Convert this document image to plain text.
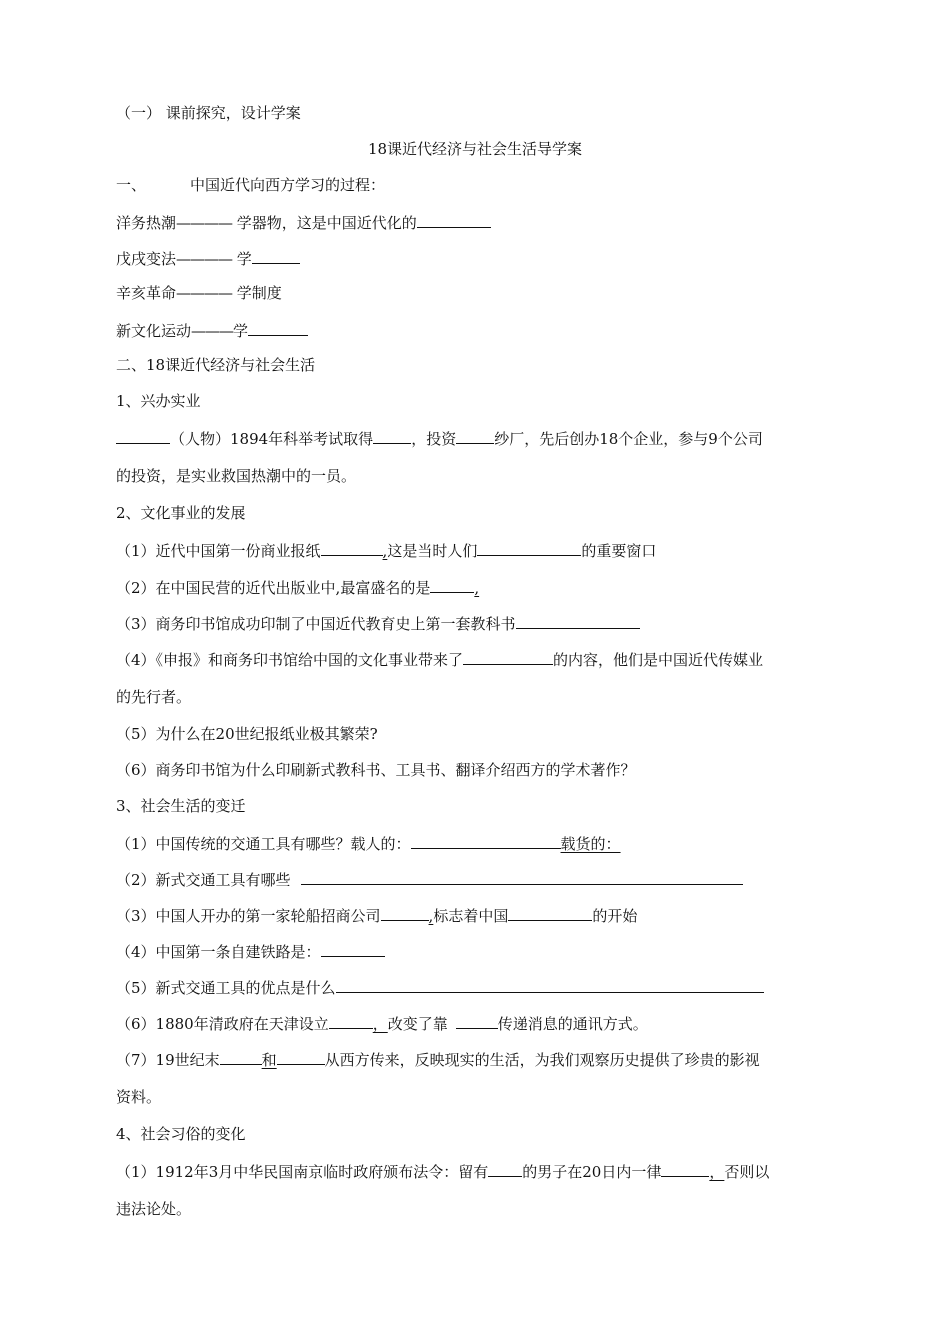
（一） 课前探究，设计学案
18课近代经济与社会生活导学案
一、	中国近代向西方学习的过程：
洋务热潮———— 学器物，这是中国近代化的
戊戌变法———— 学
辛亥革命———— 学制度
新文化运动———学
二、18课近代经济与社会生活
1、兴办实业
（人物）1894年科举考试取得	，投资	纱厂，先后创办18个企业，参与9个公司
的投资，是实业救国热潮中的一员。
2、文化事业的发展
（1）近代中国第一份商业报纸	,这是当时人们	的重要窗口
（2）在中国民营的近代出版业中,最富盛名的是	,
（3）商务印书馆成功印制了中国近代教育史上第一套教科书
（4）《申报》和商务印书馆给中国的文化事业带来了	的内容，他们是中国近代传媒业
的先行者。
（5）为什么在20世纪报纸业极其繁荣?
（6）商务印书馆为什么印刷新式教科书、工具书、翻译介绍西方的学术著作？
3、社会生活的变迁
（1）中国传统的交通工具有哪些？载人的：	载货的：
（2）新式交通工具有哪些
（3）中国人开办的第一家轮船招商公司	,标志着中国	的开始
（4）中国第一条自建铁路是：
（5）新式交通工具的优点是什么
（6）1880年清政府在天津设立	，改变了靠	传递消息的通讯方式。
（7）19世纪末	和	从西方传来，反映现实的生活，为我们观察历史提供了珍贵的影视
资料。
4、社会习俗的变化
（1）1912年3月中华民国南京临时政府颁布法令：留有 的男子在20日内一律	，否则以
违法论处。
